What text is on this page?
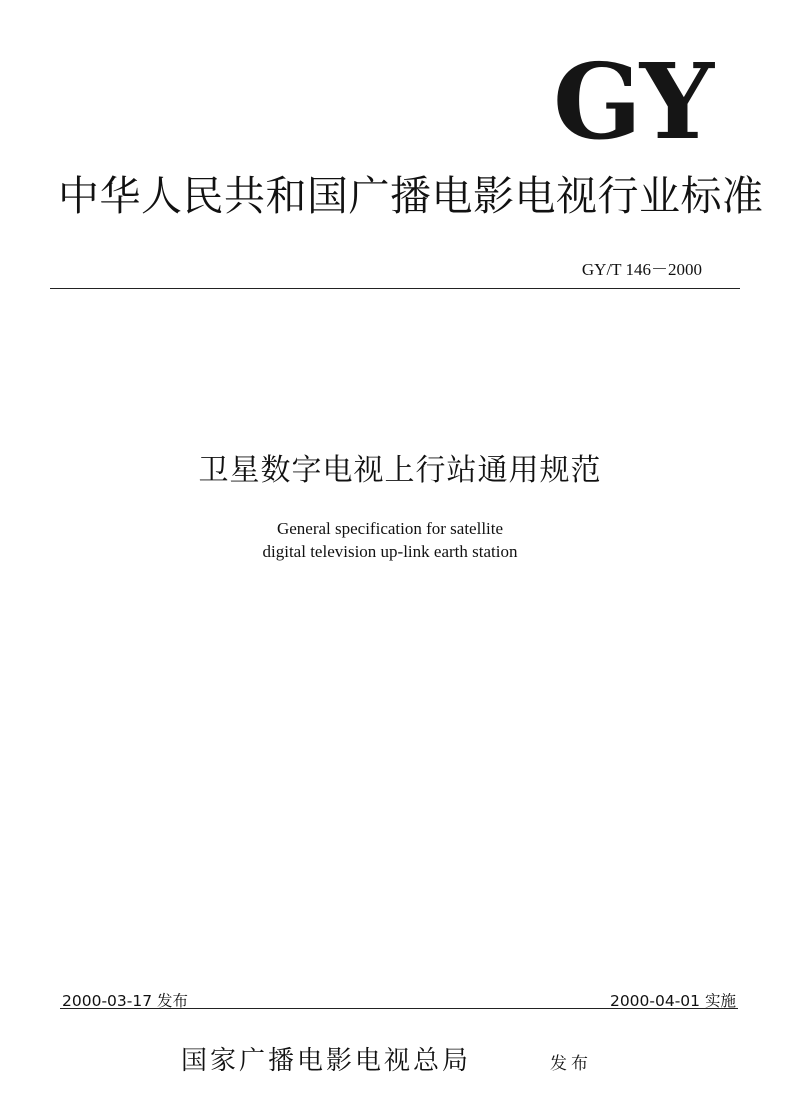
GY
中华人民共和国广播电影电视行业标准
GY/T 146－2000
卫星数字电视上行站通用规范
General specification for satellite
digital television up-link earth station
2000-03-17 发布	2000-04-01 实施
国家广播电影电视总局	发布
